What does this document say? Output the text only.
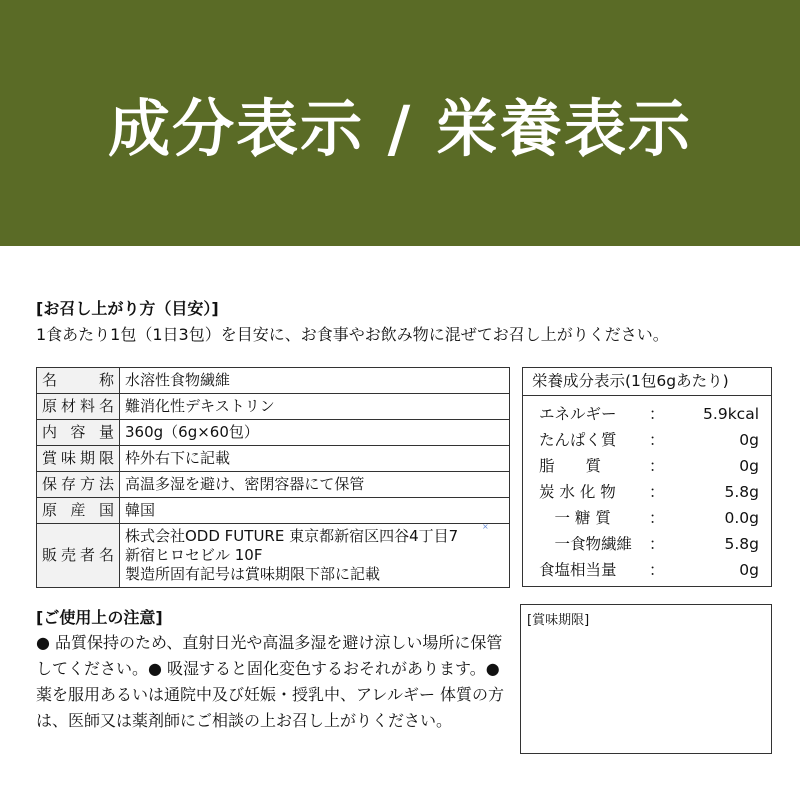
成分表示 / 栄養表示
[お召し上がり方（目安）]
1食あたり1包（1日3包）を目安に、お食事やお飲み物に混ぜてお召し上がりください。
名　　称	水溶性食物繊維
原材料名	難消化性デキストリン
内 容 量	360g（6g×60包）
賞味期限	枠外右下に記載
保存方法	高温多湿を避け、密閉容器にて保管
原 産 国	韓国
販売者名	株式会社ODD FUTURE 東京都新宿区四谷4丁目7
新宿ヒロセビル 10F
製造所固有記号は賞味期限下部に記載
×
栄養成分表示(1包6gあたり)
エネルギー ： 5.9kcal
たんぱく質 ：	0g
脂　　質	：	0g
炭 水 化 物 ：	5.8g
　一 糖 質 ：	0.0g
　一食物繊維 ：	5.8g
食塩相当量 ：	0g
[ご使用上の注意]
● 品質保持のため、直射日光や高温多湿を避け涼しい場所に保管してください。● 吸湿すると固化変色するおそれがあります。● 薬を服用あるいは通院中及び妊娠・授乳中、アレルギー 体質の方は、医師又は薬剤師にご相談の上お召し上がりください。
[賞味期限]
